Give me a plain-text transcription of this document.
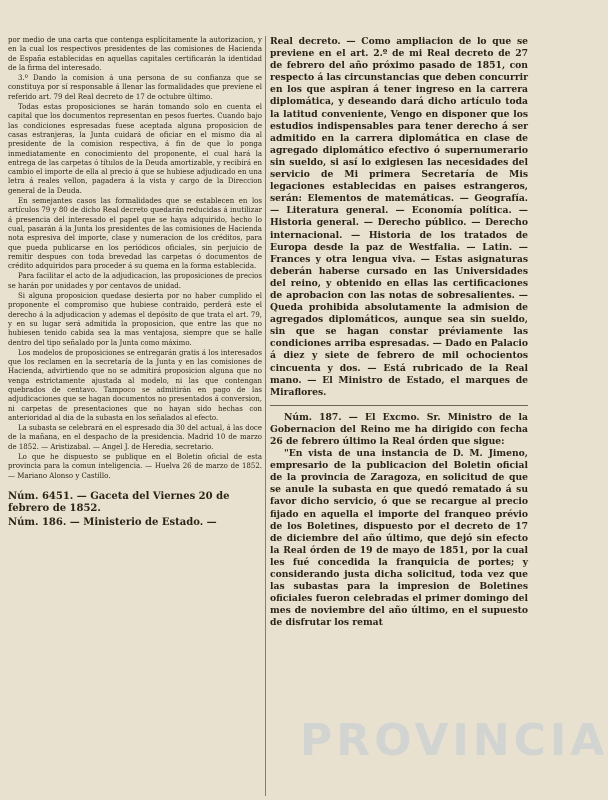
por medio de una carta que contenga esplícitamente la autorizacion, y en la cual los respectivos presidentes de las comisiones de Hacienda de España establecidas en aquellas capitales certificarán la identidad de la firma del interesado.

3.º Dando la comision á una persona de su confianza que se constituya por sí responsable á llenar las formalidades que previene el referido art. 79 del Real decreto de 17 de octubre último.

Todas estas proposiciones se harán tomando solo en cuenta el capital que los documentos representan en pesos fuertes. Cuando bajo las condiciones espresadas fuese aceptada alguna proposicion de casas estranjeras, la Junta cuidará de oficiar en el mismo dia al presidente de la comision respectiva, á fin de que lo ponga inmediatamente en conocimiento del proponente, el cual hará la entrega de las carpetas ó títulos de la Deuda amortizable, y recibirá en cambio el importe de ella al precio á que se hubiese adjudicado en una letra á reales vellon, pagadera á la vista y cargo de la Direccion general de la Deuda.

En semejantes casos las formalidades que se establecen en los artículos 79 y 80 de dicho Real decreto quedarán reducidas á inutilizar á presencia del interesado el papel que se haya adquirido, hecho lo cual, pasarán á la Junta los presidentes de las comisiones de Hacienda nota espresiva del importe, clase y numeracion de los créditos, para que pueda publicarse en los periódicos oficiales, sin perjuicio de remitir despues con toda brevedad las carpetas ó documentos de crédito adquiridos para proceder á su quema en la forma establecida.

Para facilitar el acto de la adjudicacion, las proposiciones de precios se harán por unidades y por centavos de unidad.

Si alguna proposicion quedase desierta por no haber cumplido el proponente el compromiso que hubiese contraido, perderá este el derecho á la adjudicacion y ademas el depósito de que trata el art. 79, y en su lugar será admitida la proposicion, que entre las que no hubiesen tenido cabida sea la mas ventajosa, siempre que se halle dentro del tipo señalado por la Junta como máximo.

Los modelos de proposiciones se entregarán gratis á los interesados que los reclamen en la secretaría de la Junta y en las comisiones de Hacienda, advirtiendo que no se admitirá proposicion alguna que no venga estrictamente ajustada al modelo, ni las que contengan quebrados de centavo. Tampoco se admitirán en pago de las adjudicaciones que se hagan documentos no presentados á conversion, ni carpetas de presentaciones que no hayan sido hechas con anterioridad al dia de la subasta en los señalados al efecto.

La subasta se celebrará en el espresado dia 30 del actual, á las doce de la mañana, en el despacho de la presidencia. Madrid 10 de marzo de 1852. — Aristizabal. — Angel J. de Heredia, secretario.

Lo que he dispuesto se publique en el Boletin oficial de esta provincia para la comun inteligencia. — Huelva 26 de marzo de 1852. — Mariano Alonso y Castillo.

Núm. 6451. — Gaceta del Viernes 20 de febrero de 1852.
Núm. 186. — Ministerio de Estado. —

Real decreto. — Como ampliacion de lo que se previene en el art. 2.º de mi Real decreto de 27 de febrero del año próximo pasado de 1851, con respecto á las circunstancias que deben concurrir en los que aspiran á tener ingreso en la carrera diplomática, y deseando dará dicho artículo toda la latitud conveniente, Vengo en disponer que los estudios indispensables para tener derecho á ser admitido en la carrera diplomática en clase de agregado diplomático efectivo ó supernumerario sin sueldo, si así lo exigiesen las necesidades del servicio de Mi primera Secretaría de Mis legaciones establecidas en paises estrangeros, serán: Elementos de matemáticas. — Geografía. — Literatura general. — Economía política. — Historia general. — Derecho público. — Derecho internacional. — Historia de los tratados de Europa desde la paz de Westfalia. — Latin. — Frances y otra lengua viva. — Estas asignaturas deberán haberse cursado en las Universidades del reino, y obtenido en ellas las certificaciones de aprobacion con las notas de sobresalientes. — Queda prohibida absolutamente la admision de agregados diplomáticos, aunque sea sin sueldo, sin que se hagan constar préviamente las condiciones arriba espresadas. — Dado en Palacio á diez y siete de febrero de mil ochocientos cincuenta y dos. — Está rubricado de la Real mano. — El Ministro de Estado, el marques de Miraflores.

Núm. 187. — El Excmo. Sr. Ministro de la Gobernacion del Reino me ha dirigido con fecha 26 de febrero último la Real órden que sigue:

"En vista de una instancia de D. M. Jimeno, empresario de la publicacion del Boletin oficial de la provincia de Zaragoza, en solicitud de que se anule la subasta en que quedó rematado á su favor dicho servicio, ó que se recargue al precio fijado en aquella el importe del franqueo prévio de los Boletines, dispuesto por el decreto de 17 de diciembre del año último, que dejó sin efecto la Real órden de 19 de mayo de 1851, por la cual les fué concedida la franquicia de portes; y considerando justa dicha solicitud, toda vez que las subastas para la impresion de Boletines oficiales fueron celebradas el primer domingo del mes de noviembre del año último, en el supuesto de disfrutar los remat

PROVINCIA
